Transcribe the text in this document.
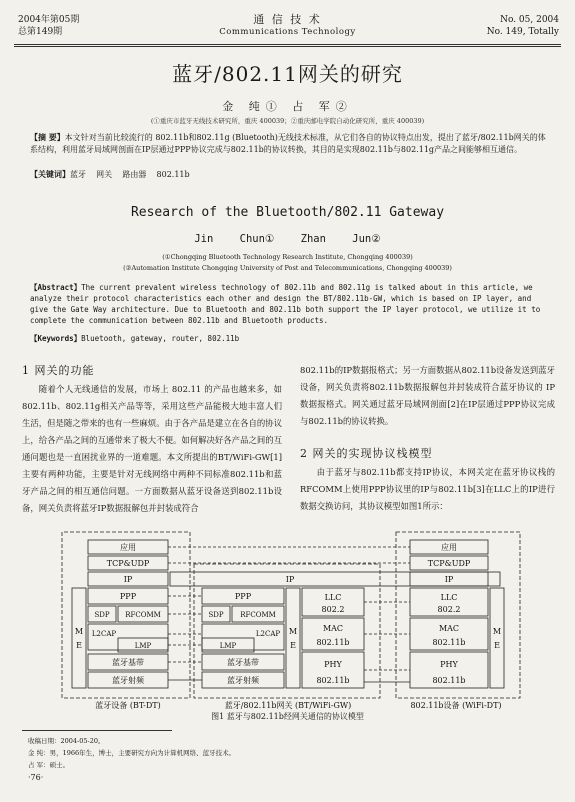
2004年第05期
总第149期
通 信 技 术
Communications Technology
No. 05, 2004
No. 149, Totally
蓝牙/802.11网关的研究
金 纯① 占 军②
(①重庆市蓝牙无线技术研究所，重庆 400039；②重庆邮电学院自动化研究所，重庆 400039)
【摘 要】本文针对当前比较流行的 802.11b和802.11g (Bluetooth)无线技术标准，从它们各自的协议特点出发，提出了蓝牙/802.11b网关的体系结构，利用蓝牙局域网剖面在IP层通过PPP协议完成与802.11b的协议转换，其目的是实现802.11b与802.11g产品之间能够相互通信。
【关键词】蓝牙    网关    路由器    802.11b
Research of the Bluetooth/802.11 Gateway
Jin Chun① Zhan Jun②
(①Chongqing Bluetooth Technology Research Institute, Chongqing 400039)
(②Automation Institute Chongqing University of Post and Telecommunications, Chongqing 400039)
【Abstract】The current prevalent wireless technology of 802.11b and 802.11g is talked about in this article, we analyze their protocol characteristics each other and design the BT/802.11b-GW, which is based on IP layer, and give the Gate Way architecture. Due to Bluetooth and 802.11b both support the IP layer protocol, we utilize it to complete the communication between 802.11b and Bluetooth products.
【Keywords】Bluetooth, gateway, router, 802.11b
1 网关的功能
随着个人无线通信的发展，市场上 802.11 的产品也越来多，如802.11b、802.11g相关产品等等，采用这些产品能极大地丰富人们生活，但是随之带来的也有一些麻烦。由于各产品是建立在各自的协议上，给各产品之间的互通带来了极大不便。如何解决好各产品之间的互通问题也是一直困扰业界的一道难题。本文所提出的BT/WiFi-GW[1]主要有两种功能，主要是针对无线网络中两种不同标准802.11b和蓝牙产品之间的相互通信问题。一方面数据从蓝牙设备送到802.11b设备，网关负责将蓝牙IP数据报解包并封装成符合
802.11b的IP数据报格式；另一方面数据从802.11b设备发送到蓝牙设备，网关负责将802.11b数据报解包并封装成符合蓝牙协议的 IP 数据报格式。网关通过蓝牙局域网剖面[2]在IP层通过PPP协议完成与802.11b的协议转换。
2 网关的实现协议栈模型
由于蓝牙与802.11b都支持IP协议，本网关定在蓝牙协议栈的RFCOMM上使用PPP协议里的IP与802.11b[3]在LLC上的IP进行数据交换访问，其协议模型如图1所示：
应用
TCP&UDP
IP
PPP
SDP RFCOMM
L2CAP
LMP
蓝牙基带
蓝牙射频
M
E
IP
PPP
SDP RFCOMM
L2CAP
LMP
蓝牙基带
蓝牙射频
M
E
LLC
802.2
MAC
802.11b
PHY
802.11b
应用
TCP&UDP
IP
LLC
802.2
MAC
802.11b
PHY
802.11b
M
E
蓝牙设备 (BT-DT)	蓝牙/802.11b网关 (BT/WiFi-GW)	802.11b设备 (WiFi-DT)
图1 蓝牙与802.11b经网关通信的协议模型
收稿日期：2004-05-20。
金 纯：男，1966年生，博士，主要研究方向为计算机网络、蓝牙技术。
占 军：硕士。
·76·
